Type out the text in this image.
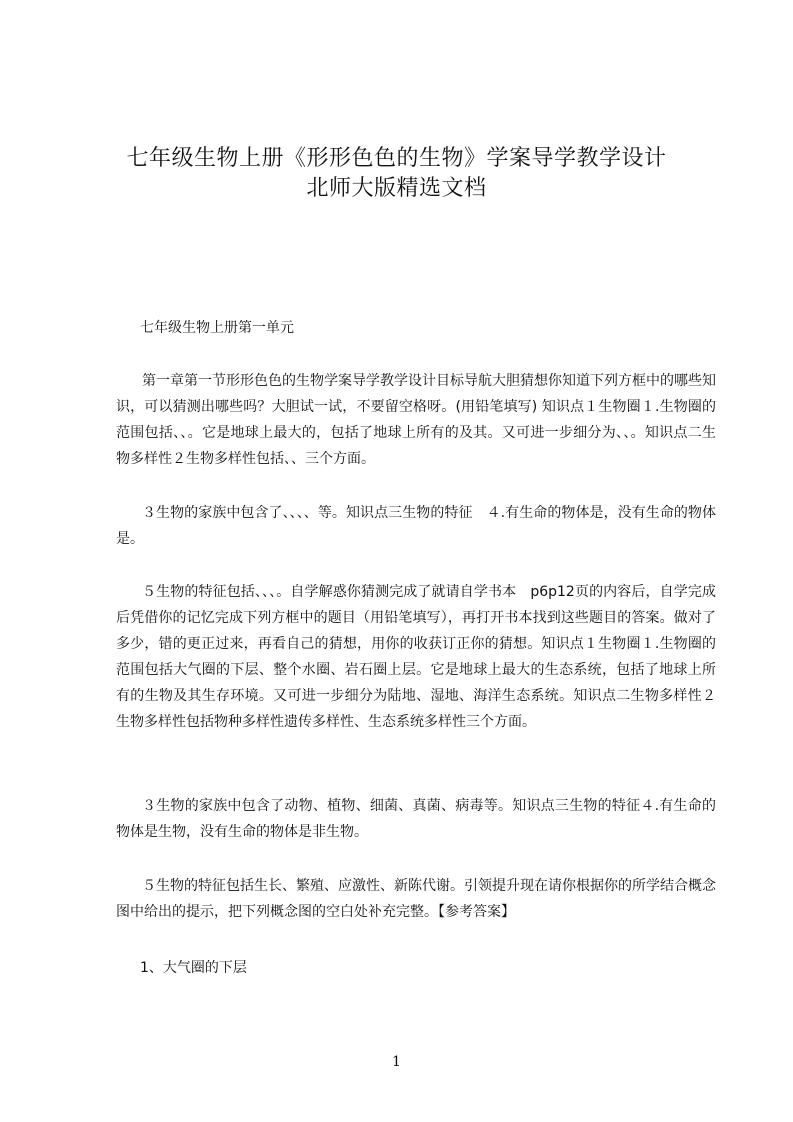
七年级生物上册《形形色色的生物》学案导学教学设计
北师大版精选文档
七年级生物上册第一单元
第一章第一节形形色色的生物学案导学教学设计目标导航大胆猜想你知道下列方框中的哪些知识，可以猜测出哪些吗？大胆试一试，不要留空格呀。(用铅笔填写) 知识点１生物圈１.生物圈的范围包括、、。它是地球上最大的，包括了地球上所有的及其。又可进一步细分为、、。知识点二生物多样性２生物多样性包括、、三个方面。
３生物的家族中包含了、、、、等。知识点三生物的特征　４.有生命的物体是，没有生命的物体是。
５生物的特征包括、、、。自学解惑你猜测完成了就请自学书本　p6p12页的内容后，自学完成后凭借你的记忆完成下列方框中的题目（用铅笔填写），再打开书本找到这些题目的答案。做对了多少，错的更正过来，再看自己的猜想，用你的收获订正你的猜想。知识点１生物圈１.生物圈的范围包括大气圈的下层、整个水圈、岩石圈上层。它是地球上最大的生态系统，包括了地球上所有的生物及其生存环境。又可进一步细分为陆地、湿地、海洋生态系统。知识点二生物多样性２生物多样性包括物种多样性遗传多样性、生态系统多样性三个方面。
３生物的家族中包含了动物、植物、细菌、真菌、病毒等。知识点三生物的特征４.有生命的物体是生物，没有生命的物体是非生物。
５生物的特征包括生长、繁殖、应激性、新陈代谢。引领提升现在请你根据你的所学结合概念图中给出的提示，把下列概念图的空白处补充完整。【参考答案】
1、大气圈的下层
1
